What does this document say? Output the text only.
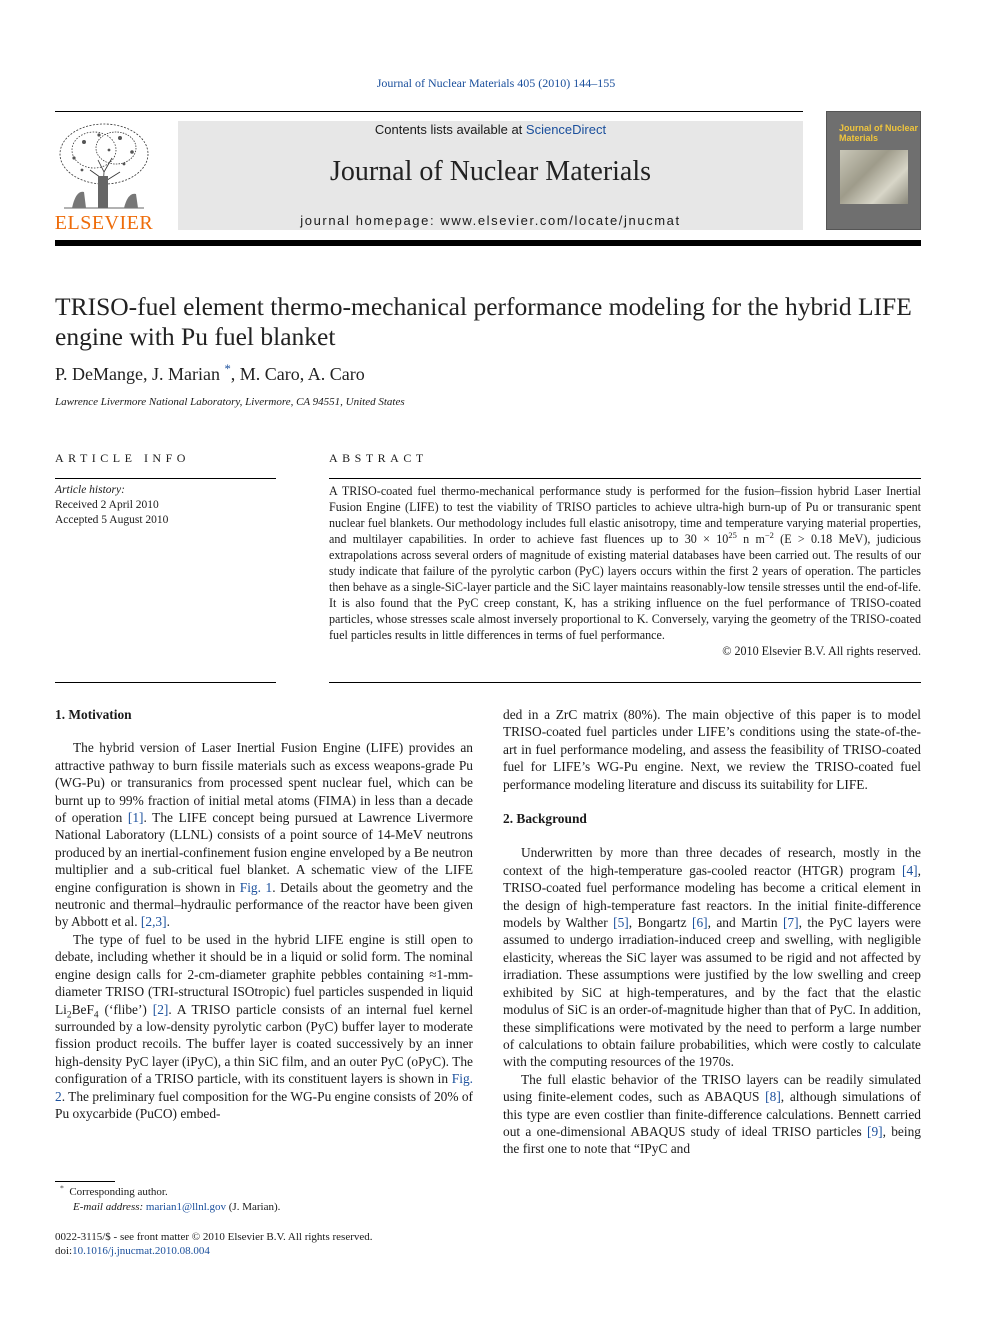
Journal of Nuclear Materials 405 (2010) 144–155
ELSEVIER
Contents lists available at ScienceDirect
Journal of Nuclear Materials
journal homepage: www.elsevier.com/locate/jnucmat
Journal of Nuclear Materials
TRISO-fuel element thermo-mechanical performance modeling for the hybrid LIFE engine with Pu fuel blanket
P. DeMange, J. Marian *, M. Caro, A. Caro
Lawrence Livermore National Laboratory, Livermore, CA 94551, United States
ARTICLE INFO
Article history:
Received 2 April 2010
Accepted 5 August 2010
ABSTRACT
A TRISO-coated fuel thermo-mechanical performance study is performed for the fusion–fission hybrid Laser Inertial Fusion Engine (LIFE) to test the viability of TRISO particles to achieve ultra-high burn-up of Pu or transuranic spent nuclear fuel blankets. Our methodology includes full elastic anisotropy, time and temperature varying material properties, and multilayer capabilities. In order to achieve fast fluences up to $30 \times 10^{25}$ n $m^{-2}$ (E > 0.18 MeV), judicious extrapolations across several orders of magnitude of existing material databases have been carried out. The results of our study indicate that failure of the pyrolytic carbon (PyC) layers occurs within the first 2 years of operation. The particles then behave as a single-SiC-layer particle and the SiC layer maintains reasonably-low tensile stresses until the end-of-life. It is also found that the PyC creep constant, K, has a striking influence on the fuel performance of TRISO-coated particles, whose stresses scale almost inversely proportional to K. Conversely, varying the geometry of the TRISO-coated fuel particles results in little differences in terms of fuel performance.
© 2010 Elsevier B.V. All rights reserved.
1. Motivation

The hybrid version of Laser Inertial Fusion Engine (LIFE) provides an attractive pathway to burn fissile materials such as excess weapons-grade Pu (WG-Pu) or transuranics from processed spent nuclear fuel, which can be burnt up to 99% fraction of initial metal atoms (FIMA) in less than a decade of operation [1]. The LIFE concept being pursued at Lawrence Livermore National Laboratory (LLNL) consists of a point source of 14-MeV neutrons produced by an inertial-confinement fusion engine enveloped by a Be neutron multiplier and a sub-critical fuel blanket. A schematic view of the LIFE engine configuration is shown in Fig. 1. Details about the geometry and the neutronic and thermal–hydraulic performance of the reactor have been given by Abbott et al. [2,3].

The type of fuel to be used in the hybrid LIFE engine is still open to debate, including whether it should be in a liquid or solid form. The nominal engine design calls for 2-cm-diameter graphite pebbles containing ≈1-mm-diameter TRISO (TRI-structural ISOtropic) fuel particles suspended in liquid $Li_2BeF_4$ (‘flibe’) [2]. A TRISO particle consists of an internal fuel kernel surrounded by a low-density pyrolytic carbon (PyC) buffer layer to moderate fission product recoils. The buffer layer is coated successively by an inner high-density PyC layer (iPyC), a thin SiC film, and an outer PyC (oPyC). The configuration of a TRISO particle, with its constituent layers is shown in Fig. 2. The preliminary fuel composition for the WG-Pu engine consists of 20% of Pu oxycarbide (PuCO) embed-

ded in a ZrC matrix (80%). The main objective of this paper is to model TRISO-coated fuel particles under LIFE’s conditions using the state-of-the-art in fuel performance modeling, and assess the feasibility of TRISO-coated fuel for LIFE’s WG-Pu engine. Next, we review the TRISO-coated fuel performance modeling literature and discuss its suitability for LIFE.

2. Background

Underwritten by more than three decades of research, mostly in the context of the high-temperature gas-cooled reactor (HTGR) program [4], TRISO-coated fuel performance modeling has become a critical element in the design of high-temperature fast reactors. In the initial finite-difference models by Walther [5], Bongartz [6], and Martin [7], the PyC layers were assumed to undergo irradiation-induced creep and swelling, with negligible elasticity, whereas the SiC layer was assumed to be rigid and not affected by irradiation. These assumptions were justified by the low swelling and creep exhibited by SiC at high-temperatures, and by the fact that the elastic modulus of SiC is an order-of-magnitude higher than that of PyC. In addition, these simplifications were motivated by the need to perform a large number of calculations to obtain failure probabilities, which were costly to calculate with the computing resources of the 1970s.

The full elastic behavior of the TRISO layers can be readily simulated using finite-element codes, such as ABAQUS [8], although simulations of this type are even costlier than finite-difference calculations. Bennett carried out a one-dimensional ABAQUS study of ideal TRISO particles [9], being the first one to note that “IPyC and

* Corresponding author.
E-mail address: marian1@llnl.gov (J. Marian).
0022-3115/$ - see front matter © 2010 Elsevier B.V. All rights reserved.
doi:10.1016/j.jnucmat.2010.08.004
